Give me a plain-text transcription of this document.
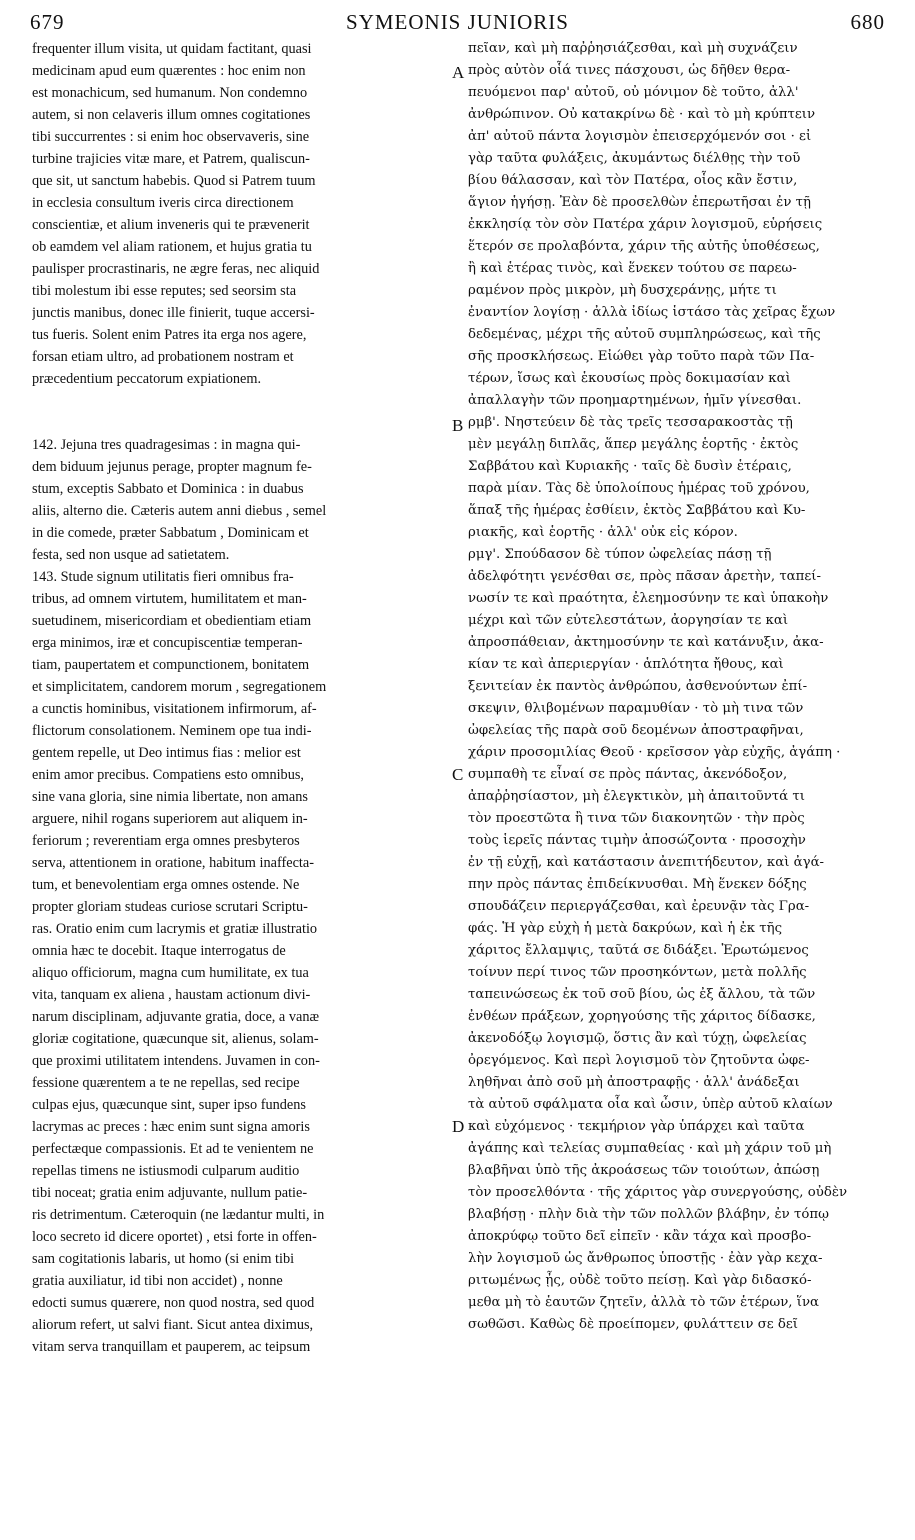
679	SYMEONIS JUNIORIS	680
frequenter illum visita, ut quidam factitant, quasi
medicinam apud eum quærentes : hoc enim non
est monachicum, sed humanum. Non condemno
autem, si non celaveris illum omnes cogitationes
tibi succurrentes : si enim hoc observaveris, sine
turbine trajicies vitæ mare, et Patrem, qualiscun-
que sit, ut sanctum habebis. Quod si Patrem tuum
in ecclesia consultum iveris circa directionem
conscientiæ, et alium inveneris qui te prævenerit
ob eamdem vel aliam rationem, et hujus gratia tu
paulisper procrastinaris, ne ægre feras, nec aliquid
tibi molestum ibi esse reputes; sed seorsim sta
junctis manibus, donec ille finierit, tuque accersi-
tus fueris. Solent enim Patres ita erga nos agere,
forsan etiam ultro, ad probationem nostram et
præcedentium peccatorum expiationem.
142. Jejuna tres quadragesimas : in magna qui-
dem biduum jejunus perage, propter magnum fe-
stum, exceptis Sabbato et Dominica : in duabus
aliis, alterno die. Cæteris autem anni diebus , semel
in die comede, præter Sabbatum , Dominicam et
festa, sed non usque ad satietatem.
143. Stude signum utilitatis fieri omnibus fra-
tribus, ad omnem virtutem, humilitatem et man-
suetudinem, misericordiam et obedientiam etiam
erga minimos, iræ et concupiscentiæ temperan-
tiam, paupertatem et compunctionem, bonitatem
et simplicitatem, candorem morum , segregationem
a cunctis hominibus, visitationem infirmorum, af-
flictorum consolationem. Neminem ope tua indi-
gentem repelle, ut Deo intimus fias : melior est
enim amor precibus. Compatiens esto omnibus,
sine vana gloria, sine nimia libertate, non amans
arguere, nihil rogans superiorem aut aliquem in-
feriorum ; reverentiam erga omnes presbyteros
serva, attentionem in oratione, habitum inaffecta-
tum, et benevolentiam erga omnes ostende. Ne
propter gloriam studeas curiose scrutari Scriptu-
ras. Oratio enim cum lacrymis et gratiæ illustratio
omnia hæc te docebit. Itaque interrogatus de
aliquo officiorum, magna cum humilitate, ex tua
vita, tanquam ex aliena , haustam actionum divi-
narum disciplinam, adjuvante gratia, doce, a vanæ
gloriæ cogitatione, quæcunque sit, alienus, solam-
que proximi utilitatem intendens. Juvamen in con-
fessione quærentem a te ne repellas, sed recipe
culpas ejus, quæcunque sint, super ipso fundens
lacrymas ac preces : hæc enim sunt signa amoris
perfectæque compassionis. Et ad te venientem ne
repellas timens ne istiusmodi culparum auditio
tibi noceat; gratia enim adjuvante, nullum patie-
ris detrimentum. Cæteroquin (ne lædantur multi, in
loco secreto id dicere oportet) , etsi forte in offen-
sam cogitationis labaris, ut homo (si enim tibi
gratia auxiliatur, id tibi non accidet) , nonne
edocti sumus quærere, non quod nostra, sed quod
aliorum refert, ut salvi fiant. Sicut antea diximus,
vitam serva tranquillam et pauperem, ac teipsum
πεῖαν, καὶ μὴ παῤῥησιάζεσθαι, καὶ μὴ συχνάζειν
πρὸς αὐτὸν οἷά τινες πάσχουσι, ὡς δῆθεν θερα-
πευόμενοι παρ' αὐτοῦ, οὐ μόνιμον δὲ τοῦτο, ἀλλ'
ἀνθρώπινον. Οὐ κατακρίνω δὲ · καὶ τὸ μὴ κρύπτειν
ἀπ' αὐτοῦ πάντα λογισμὸν ἐπεισερχόμενόν σοι · εἰ
γὰρ ταῦτα φυλάξεις, ἀκυμάντως διέλθῃς τὴν τοῦ
βίου θάλασσαν, καὶ τὸν Πατέρα, οἷος κἂν ἔστιν,
ἅγιον ἡγήσῃ. Ἐὰν δὲ προσελθὼν ἐπερωτῆσαι ἐν τῇ
ἐκκλησίᾳ τὸν σὸν Πατέρα χάριν λογισμοῦ, εὑρήσεις
ἕτερόν σε προλαβόντα, χάριν τῆς αὐτῆς ὑποθέσεως,
ἢ καὶ ἑτέρας τινὸς, καὶ ἕνεκεν τούτου σε παρεω-
ραμένον πρὸς μικρὸν, μὴ δυσχεράνῃς, μήτε τι
ἐναντίον λογίσῃ · ἀλλὰ ἰδίως ἱστάσο τὰς χεῖρας ἔχων
δεδεμένας, μέχρι τῆς αὐτοῦ συμπληρώσεως, καὶ τῆς
σῆς προσκλήσεως. Εἰώθει γὰρ τοῦτο παρὰ τῶν Πα-
τέρων, ἴσως καὶ ἑκουσίως πρὸς δοκιμασίαν καὶ
ἀπαλλαγὴν τῶν προημαρτημένων, ἡμῖν γίνεσθαι.
ρμβ'. Νηστεύειν δὲ τὰς τρεῖς τεσσαρακοστὰς τῇ
μὲν μεγάλῃ διπλᾶς, ἅπερ μεγάλης ἑορτῆς · ἐκτὸς
Σαββάτου καὶ Κυριακῆς · ταῖς δὲ δυσὶν ἑτέραις,
παρὰ μίαν. Τὰς δὲ ὑπολοίπους ἡμέρας τοῦ χρόνου,
ἅπαξ τῆς ἡμέρας ἐσθίειν, ἐκτὸς Σαββάτου καὶ Κυ-
ριακῆς, καὶ ἑορτῆς · ἀλλ' οὐκ εἰς κόρον.
ρμγ'. Σπούδασον δὲ τύπον ὠφελείας πάσῃ τῇ
ἀδελφότητι γενέσθαι σε, πρὸς πᾶσαν ἀρετὴν, ταπεί-
νωσίν τε καὶ πραότητα, ἐλεημοσύνην τε καὶ ὑπακοὴν
μέχρι καὶ τῶν εὐτελεστάτων, ἀοργησίαν τε καὶ
ἀπροσπάθειαν, ἀκτημοσύνην τε καὶ κατάνυξιν, ἀκα-
κίαν τε καὶ ἀπεριεργίαν · ἁπλότητα ἤθους, καὶ
ξενιτείαν ἐκ παντὸς ἀνθρώπου, ἀσθενούντων ἐπί-
σκεψιν, θλιβομένων παραμυθίαν · τὸ μὴ τινα τῶν
ὠφελείας τῆς παρὰ σοῦ δεομένων ἀποστραφῆναι,
χάριν προσομιλίας Θεοῦ · κρεῖσσον γὰρ εὐχῆς, ἀγάπη ·
συμπαθὴ τε εἶναί σε πρὸς πάντας, ἀκενόδοξον,
ἀπαῤῥησίαστον, μὴ ἐλεγκτικὸν, μὴ ἀπαιτοῦντά τι
τὸν προεστῶτα ἢ τινα τῶν διακονητῶν · τὴν πρὸς
τοὺς ἱερεῖς πάντας τιμὴν ἀποσώζοντα · προσοχὴν
ἐν τῇ εὐχῇ, καὶ κατάστασιν ἀνεπιτήδευτον, καὶ ἀγά-
πην πρὸς πάντας ἐπιδείκνυσθαι. Μὴ ἕνεκεν δόξης
σπουδάζειν περιεργάζεσθαι, καὶ ἐρευνᾷν τὰς Γρα-
φάς. Ἡ γὰρ εὐχὴ ἡ μετὰ δακρύων, καὶ ἡ ἐκ τῆς
χάριτος ἔλλαμψις, ταῦτά σε διδάξει. Ἐρωτώμενος
τοίνυν περί τινος τῶν προσηκόντων, μετὰ πολλῆς
ταπεινώσεως ἐκ τοῦ σοῦ βίου, ὡς ἐξ ἄλλου, τὰ τῶν
ἐνθέων πράξεων, χορηγούσης τῆς χάριτος δίδασκε,
ἀκενοδόξῳ λογισμῷ, ὅστις ἂν καὶ τύχῃ, ὠφελείας
ὀρεγόμενος. Καὶ περὶ λογισμοῦ τὸν ζητοῦντα ὠφε-
ληθῆναι ἀπὸ σοῦ μὴ ἀποστραφῇς · ἀλλ' ἀνάδεξαι
τὰ αὐτοῦ σφάλματα οἷα καὶ ὦσιν, ὑπὲρ αὐτοῦ κλαίων
καὶ εὐχόμενος · τεκμήριον γὰρ ὑπάρχει καὶ ταῦτα
ἀγάπης καὶ τελείας συμπαθείας · καὶ μὴ χάριν τοῦ μὴ
βλαβῆναι ὑπὸ τῆς ἀκροάσεως τῶν τοιούτων, ἀπώσῃ
τὸν προσελθόντα · τῆς χάριτος γὰρ συνεργούσης, οὐδὲν
βλαβήσῃ · πλὴν διὰ τὴν τῶν πολλῶν βλάβην, ἐν τόπῳ
ἀποκρύφῳ τοῦτο δεῖ εἰπεῖν · κἂν τάχα καὶ προσβο-
λὴν λογισμοῦ ὡς ἄνθρωπος ὑποστῇς · ἐὰν γὰρ κεχα-
ριτωμένως ᾖς, οὐδὲ τοῦτο πείσῃ. Καὶ γὰρ διδασκό-
μεθα μὴ τὸ ἑαυτῶν ζητεῖν, ἀλλὰ τὸ τῶν ἑτέρων, ἵνα
σωθῶσι. Καθὼς δὲ προείπομεν, φυλάττειν σε δεῖ
A
B
C
D
